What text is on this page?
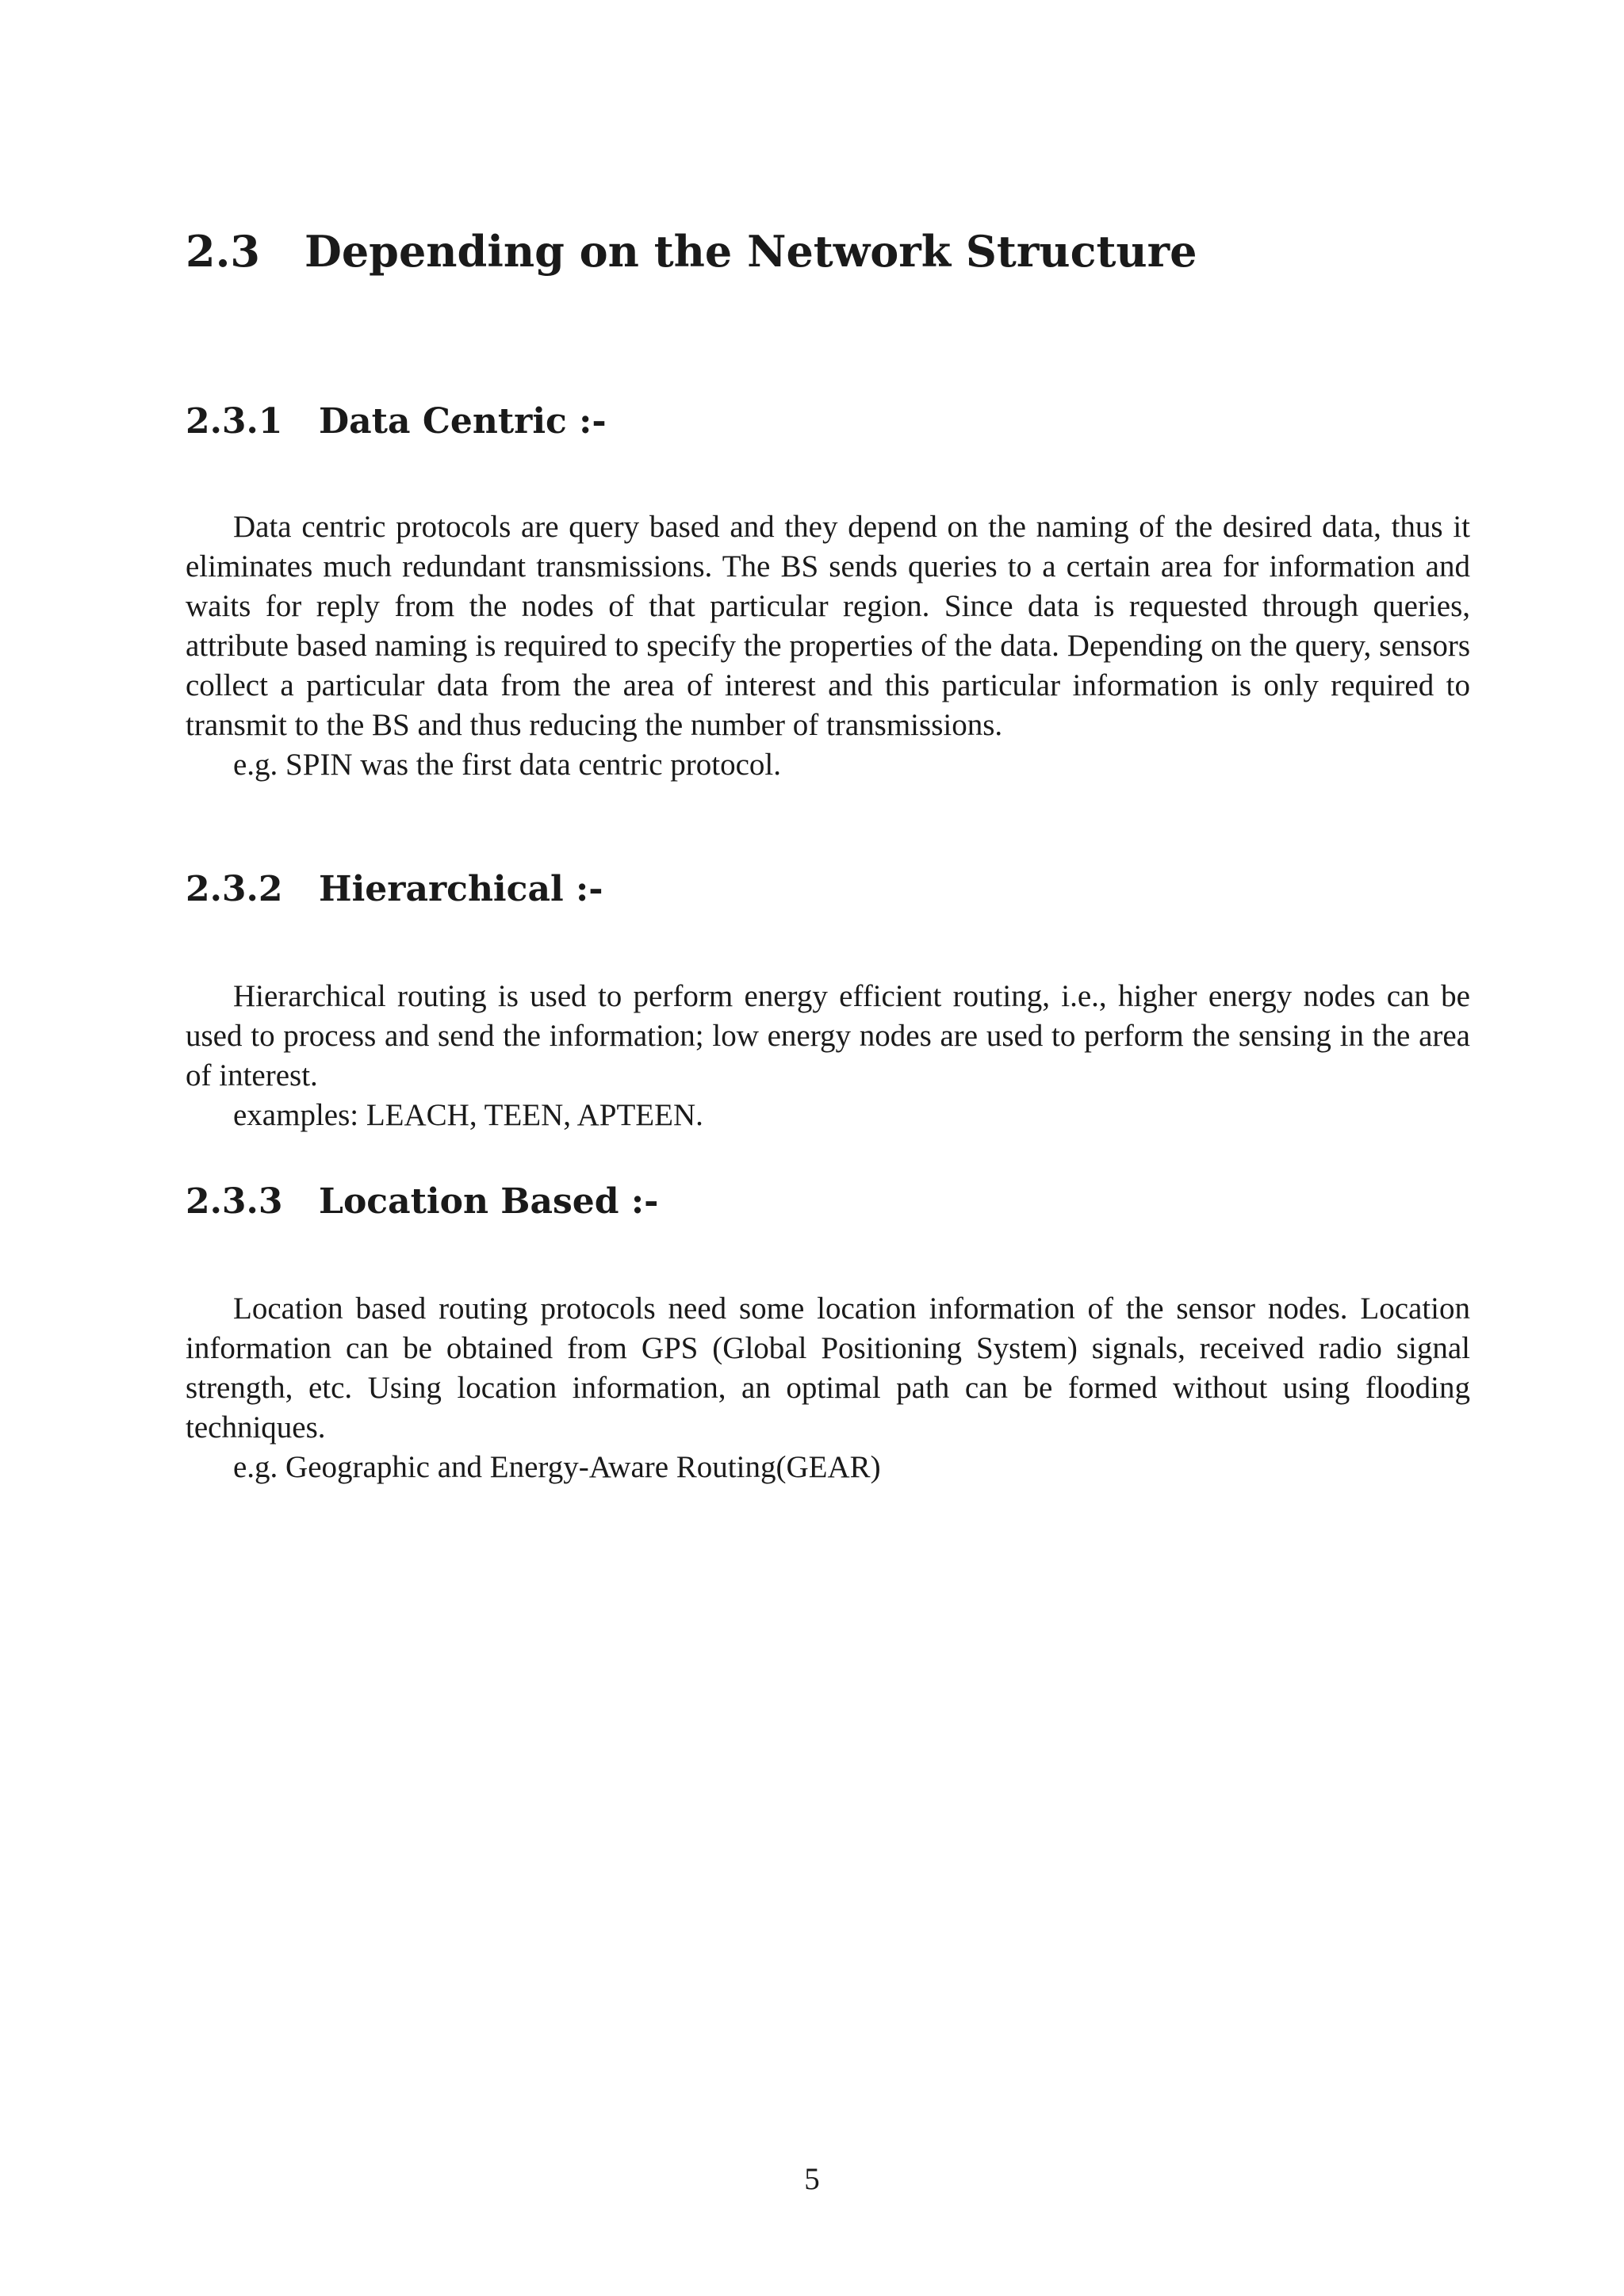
2.3 Depending on the Network Structure
2.3.1 Data Centric :-

Data centric protocols are query based and they depend on the naming of the desired data, thus it eliminates much redundant transmissions. The BS sends queries to a certain area for information and waits for reply from the nodes of that particular region. Since data is requested through queries, attribute based naming is required to specify the properties of the data. Depending on the query, sensors collect a particular data from the area of interest and this particular information is only required to transmit to the BS and thus reducing the number of transmissions.

e.g. SPIN was the first data centric protocol.

2.3.2 Hierarchical :-

Hierarchical routing is used to perform energy efficient routing, i.e., higher energy nodes can be used to process and send the information; low energy nodes are used to perform the sensing in the area of interest.

examples: LEACH, TEEN, APTEEN.

2.3.3 Location Based :-

Location based routing protocols need some location information of the sensor nodes. Location information can be obtained from GPS (Global Positioning System) signals, received radio signal strength, etc. Using location information, an optimal path can be formed without using flooding techniques.

e.g. Geographic and Energy-Aware Routing(GEAR)

5
